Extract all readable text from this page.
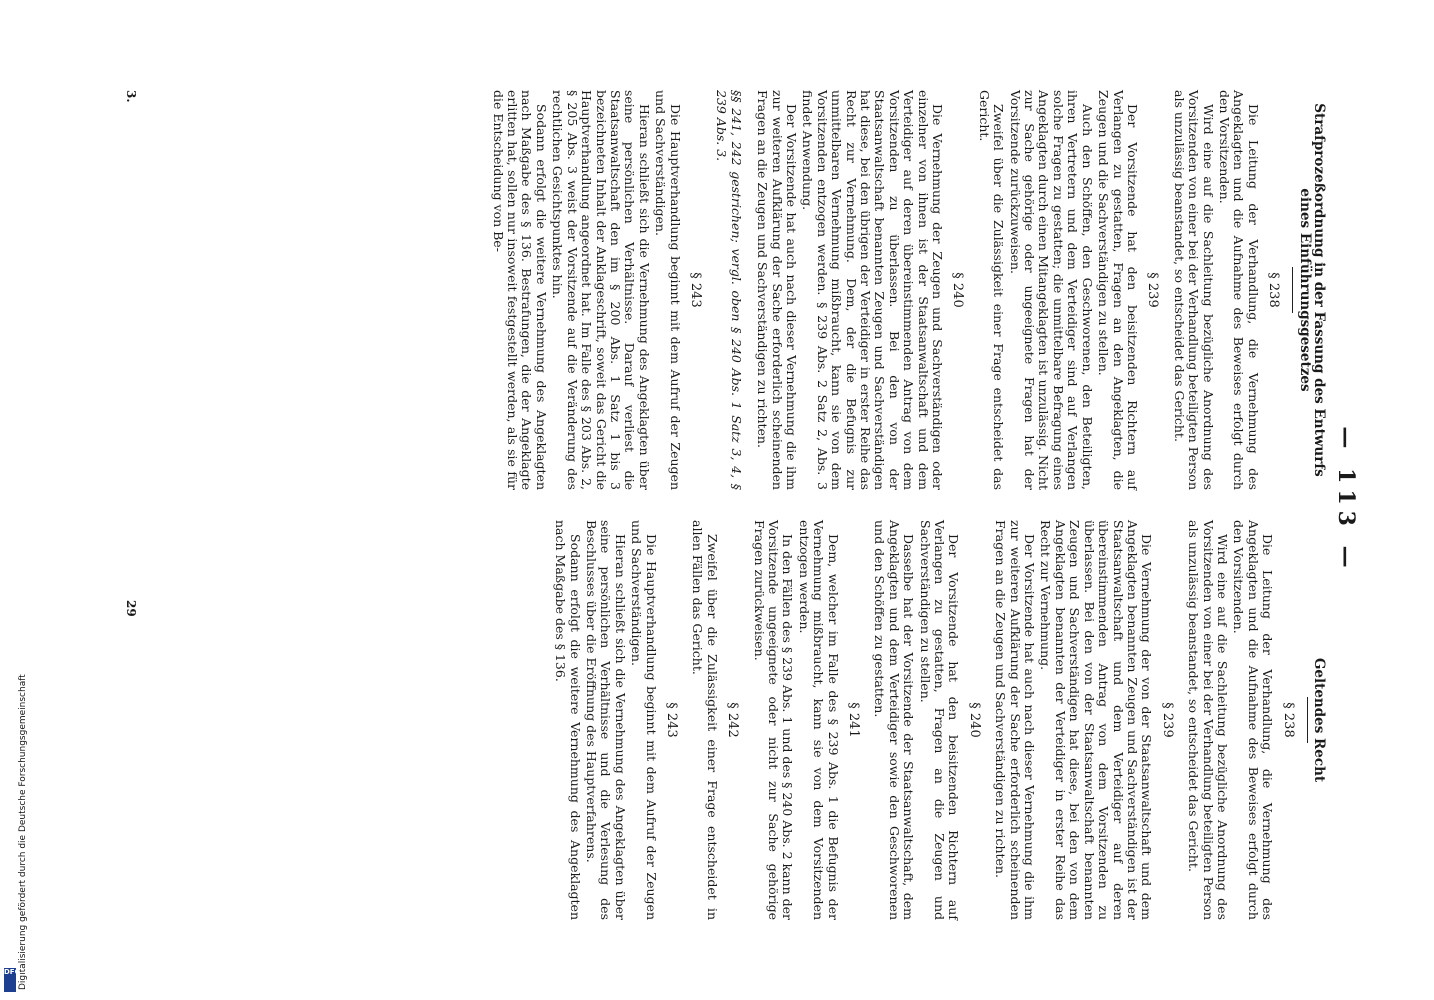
— 113 —

Strafprozeßordnung in der Fassung des Entwurfs eines Einführungsgesetzes

§ 238

Die Leitung der Verhandlung, die Vernehmung des Angeklagten und die Aufnahme des Beweises erfolgt durch den Vorsitzenden.

Wird eine auf die Sachleitung bezügliche Anordnung des Vorsitzenden von einer bei der Verhandlung beteiligten Person als unzulässig beanstandet, so entscheidet das Gericht.

§ 239

Der Vorsitzende hat den beisitzenden Richtern auf Verlangen zu gestatten, Fragen an den Angeklagten, die Zeugen und die Sachverständigen zu stellen.

Auch den Schöffen, den Geschworenen, den Beteiligten, ihren Vertretern und dem Verteidiger sind auf Verlangen solche Fragen zu gestatten; die unmittelbare Befragung eines Angeklagten durch einen Mitangeklagten ist unzulässig. Nicht zur Sache gehörige oder ungeeignete Fragen hat der Vorsitzende zurückzuweisen.

Zweifel über die Zulässigkeit einer Frage entscheidet das Gericht.

§ 240

Die Vernehmung der Zeugen und Sachverständigen oder einzelner von ihnen ist der Staatsanwaltschaft und dem Verteidiger auf deren übereinstimmenden Antrag von dem Vorsitzenden zu überlassen. Bei den von der Staatsanwaltschaft benannten Zeugen und Sachverständigen hat diese, bei den übrigen der Verteidiger in erster Reihe das Recht zur Vernehmung. Dem, der die Befugnis zur unmittelbaren Vernehmung mißbraucht, kann sie von dem Vorsitzenden entzogen werden. § 239 Abs. 2 Satz 2, Abs. 3 findet Anwendung.

Der Vorsitzende hat auch nach dieser Vernehmung die ihm zur weiteren Aufklärung der Sache erforderlich scheinenden Fragen an die Zeugen und Sachverständigen zu richten.

§§ 241, 242 gestrichen; vergl. oben § 240 Abs. 1 Satz 3, 4, § 239 Abs. 3.

§ 243

Die Hauptverhandlung beginnt mit dem Aufruf der Zeugen und Sachverständigen.

Hieran schließt sich die Vernehmung des Angeklagten über seine persönlichen Verhältnisse. Darauf verliest die Staatsanwaltschaft den im § 200 Abs. 1 Satz 1 bis 3 bezeichneten Inhalt der Anklageschrift, soweit das Gericht die Hauptverhandlung angeordnet hat. Im Falle des § 203 Abs. 2, § 205 Abs. 3 weist der Vorsitzende auf die Veränderung des rechtlichen Gesichtspunktes hin.

Sodann erfolgt die weitere Vernehmung des Angeklagten nach Maßgabe des § 136. Bestrafungen, die der Angeklagte erlitten hat, sollen nur insoweit festgestellt werden, als sie für die Entscheidung von Be-

Geltendes Recht

§ 238

Die Leitung der Verhandlung, die Vernehmung des Angeklagten und die Aufnahme des Beweises erfolgt durch den Vorsitzenden.

Wird eine auf die Sachleitung bezügliche Anordnung des Vorsitzenden von einer bei der Verhandlung beteiligten Person als unzulässig beanstandet, so entscheidet das Gericht.

§ 239

Die Vernehmung der von der Staatsanwaltschaft und dem Angeklagten benannten Zeugen und Sachverständigen ist der Staatsanwaltschaft und dem Verteidiger auf deren übereinstimmenden Antrag von dem Vorsitzenden zu überlassen. Bei den von der Staatsanwaltschaft benannten Zeugen und Sachverständigen hat diese, bei den von dem Angeklagten benannten der Verteidiger in erster Reihe das Recht zur Vernehmung.

Der Vorsitzende hat auch nach dieser Vernehmung die ihm zur weiteren Aufklärung der Sache erforderlich scheinenden Fragen an die Zeugen und Sachverständigen zu richten.

§ 240

Der Vorsitzende hat den beisitzenden Richtern auf Verlangen zu gestatten, Fragen an die Zeugen und Sachverständigen zu stellen.

Dasselbe hat der Vorsitzende der Staatsanwaltschaft, dem Angeklagten und dem Verteidiger sowie den Geschworenen und den Schöffen zu gestatten.

§ 241

Dem, welcher im Falle des § 239 Abs. 1 die Befugnis der Vernehmung mißbraucht, kann sie von dem Vorsitzenden entzogen werden.

In den Fällen des § 239 Abs. 1 und des § 240 Abs. 2 kann der Vorsitzende ungeeignete oder nicht zur Sache gehörige Fragen zurückweisen.

§ 242

Zweifel über die Zulässigkeit einer Frage entscheidet in allen Fällen das Gericht.

§ 243

Die Hauptverhandlung beginnt mit dem Aufruf der Zeugen und Sachverständigen.

Hieran schließt sich die Vernehmung des Angeklagten über seine persönlichen Verhältnisse und die Verlesung des Beschlusses über die Eröffnung des Hauptverfahrens.

Sodann erfolgt die weitere Vernehmung des Angeklagten nach Maßgabe des § 136.

3.
29
Digitalisierung gefördert durch die Deutsche Forschungsgemeinschaft
DFG
